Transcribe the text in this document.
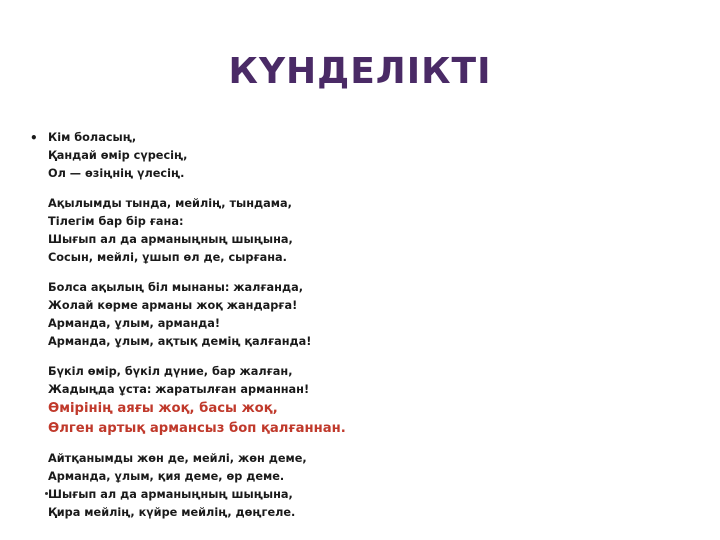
КҮНДЕЛІКТІ
• Кім боласың,
Қандай өмір сүресің,
Ол — өзіңнің үлесің.
Ақылымды тында, мейлің, тындама,
Тілегім бар бір ғана:
Шығып ал да арманыңның шыңына,
Сосын, мейлі, ұшып өл де, сырғана.
Болса ақылың біл мынаны: жалғанда,
Жолай көрме арманы жоқ жандарға!
Арманда, ұлым, арманда!
Арманда, ұлым, ақтық демің қалғанда!
Бүкіл өмір, бүкіл дүние, бар жалған,
Жадыңда ұста: жаратылған арманнан!
Өмірінің аяғы жоқ, басы жоқ,
Өлген артық армансыз боп қалғаннан.
Айтқанымды жөн де, мейлі, жөн деме,
Арманда, ұлым, қия деме, өр деме.
Шығып ал да арманыңның шыңына,
Қира мейлің, күйре мейлің, дөңгеле.
